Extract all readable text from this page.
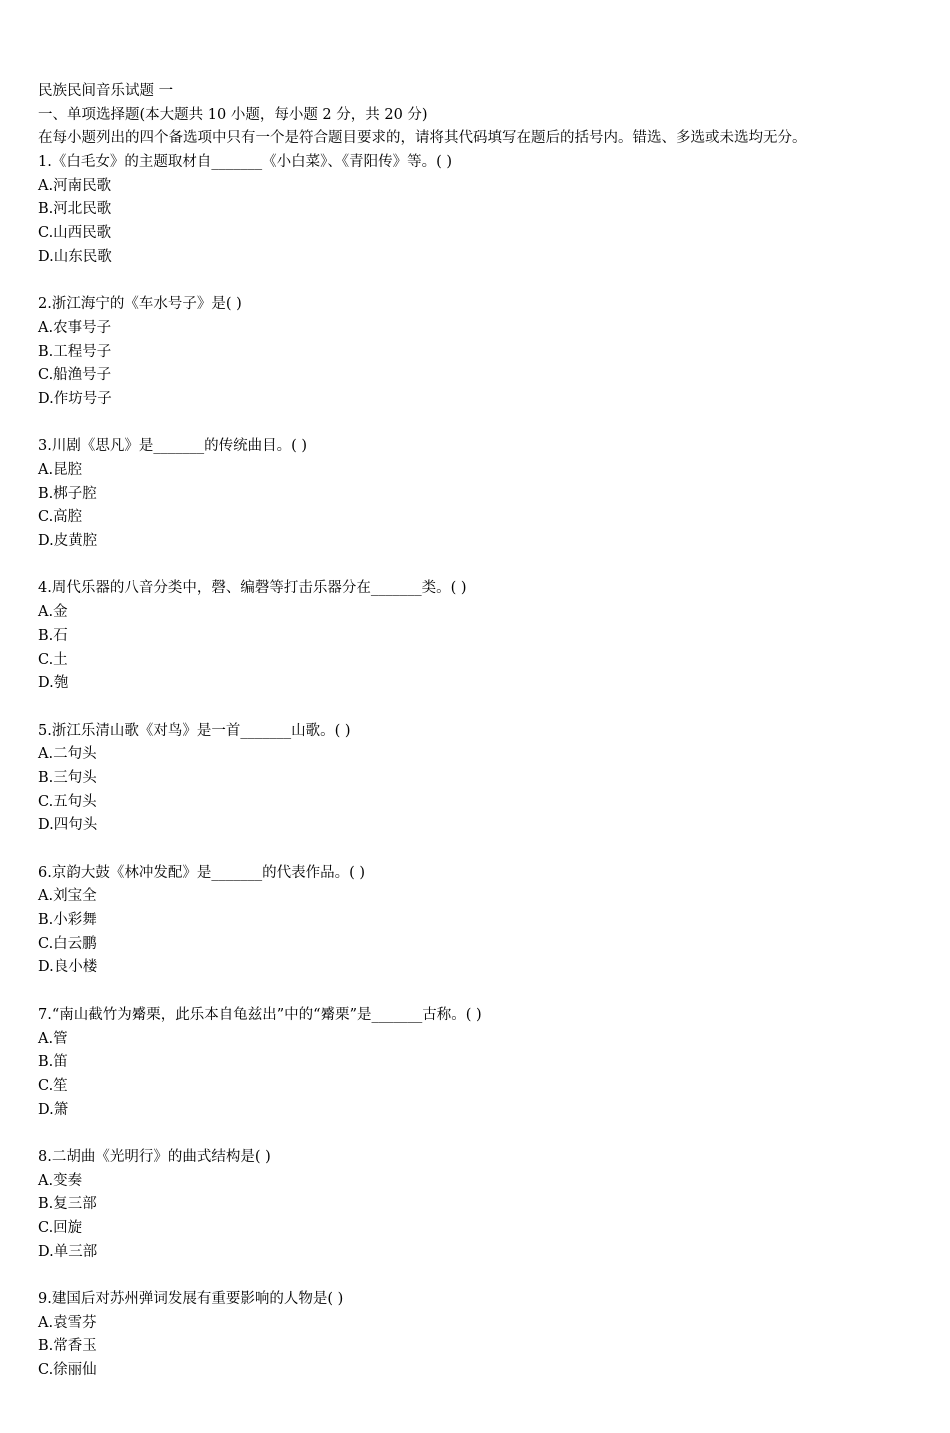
民族民间音乐试题 一
一、单项选择题(本大题共 10 小题，每小题 2 分，共 20 分)
在每小题列出的四个备选项中只有一个是符合题目要求的，请将其代码填写在题后的括号内。错选、多选或未选均无分。
1.《白毛女》的主题取材自_______《小白菜》、《青阳传》等。( )
A.河南民歌
B.河北民歌
C.山西民歌
D.山东民歌
2.浙江海宁的《车水号子》是( )
A.农事号子
B.工程号子
C.船渔号子
D.作坊号子
3.川剧《思凡》是_______的传统曲目。( )
A.昆腔
B.梆子腔
C.高腔
D.皮黄腔
4.周代乐器的八音分类中，磬、编磬等打击乐器分在_______类。( )
A.金
B.石
C.土
D.匏
5.浙江乐清山歌《对鸟》是一首_______山歌。( )
A.二句头
B.三句头
C.五句头
D.四句头
6.京韵大鼓《林冲发配》是_______的代表作品。( )
A.刘宝全
B.小彩舞
C.白云鹏
D.良小楼
7.“南山截竹为觱栗，此乐本自龟兹出”中的“觱栗”是_______古称。( )
A.管
B.笛
C.笙
D.箫
8.二胡曲《光明行》的曲式结构是( )
A.变奏
B.复三部
C.回旋
D.单三部
9.建国后对苏州弹词发展有重要影响的人物是( )
A.袁雪芬
B.常香玉
C.徐丽仙
